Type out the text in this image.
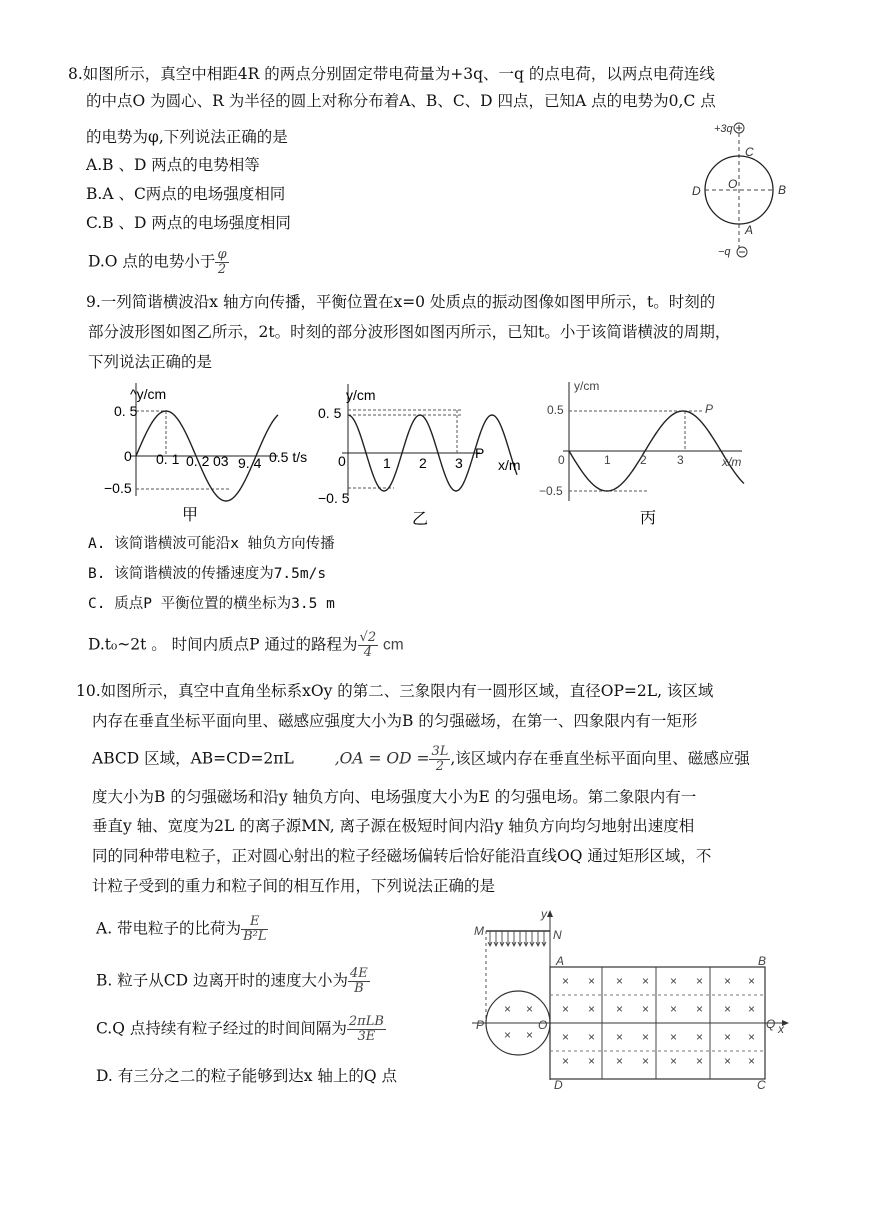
8.如图所示，真空中相距4R 的两点分别固定带电荷量为+3q、一q 的点电荷，以两点电荷连线
的中点O 为圆心、R 为半径的圆上对称分布着A、B、C、D 四点，已知A 点的电势为0,C 点
的电势为φ,下列说法正确的是
A.B 、D 两点的电势相等
B.A 、C两点的电场强度相同
C.B 、D 两点的电场强度相同
D.O 点的电势小于 $\frac{\varphi}{2}$
+3q
C
O	B
D
A
−q
9.一列简谐横波沿x 轴方向传播，平衡位置在x=0 处质点的振动图像如图甲所示，t。时刻的
部分波形图如图乙所示，2t。时刻的部分波形图如图丙所示，已知t。小于该简谐横波的周期，
下列说法正确的是
^y/cm
0. 5
−0.5
0 0. 1 0. 2 03 9. 4 0.5 t/s
甲
y/cm
0. 5
−0. 5
0	1 2 3
P
x/m
乙
y/cm
0.5
−0.5
0	1 2	3
P
x/m
丙
A. 该简谐横波可能沿x 轴负方向传播
B. 该简谐横波的传播速度为7.5m/s
C. 质点P 平衡位置的横坐标为3.5 m
D.t₀~2t 。 时间内质点P 通过的路程为 $\frac{√2}{4}$ cm
10.如图所示，真空中直角坐标系xOy 的第二、三象限内有一圆形区域，直径OP=2L, 该区域
内存在垂直坐标平面向里、磁感应强度大小为B 的匀强磁场，在第一、四象限内有一矩形
ABCD 区域，AB=CD=2πL	,OA = OD = $\frac{3L}{2}$ ,该区域内存在垂直坐标平面向里、磁感应强
度大小为B 的匀强磁场和沿y 轴负方向、电场强度大小为E 的匀强电场。第二象限内有一
垂直y 轴、宽度为2L 的离子源MN, 离子源在极短时间内沿y 轴负方向均匀地射出速度相
同的同种带电粒子，正对圆心射出的粒子经磁场偏转后恰好能沿直线OQ 通过矩形区域，不
计粒子受到的重力和粒子间的相互作用，下列说法正确的是
A. 带电粒子的比荷为 $\frac{E}{\text{B²L}}$
B. 粒子从CD 边离开时的速度大小为 $\frac{4E}{B}$
C.Q 点持续有粒子经过的时间间隔为 $\frac{\text{2πLB}}{3E}$
D. 有三分之二的粒子能够到达x 轴上的Q 点
y
x
M	N
P	O
A	B
Q
D	C
×
×
×
×
×
×
×
×
×
×
×
×
×
×
×
×
×
×
×
×
×
×
×
×
×
×
×
×
×
×
×
×
× ×
× ×
